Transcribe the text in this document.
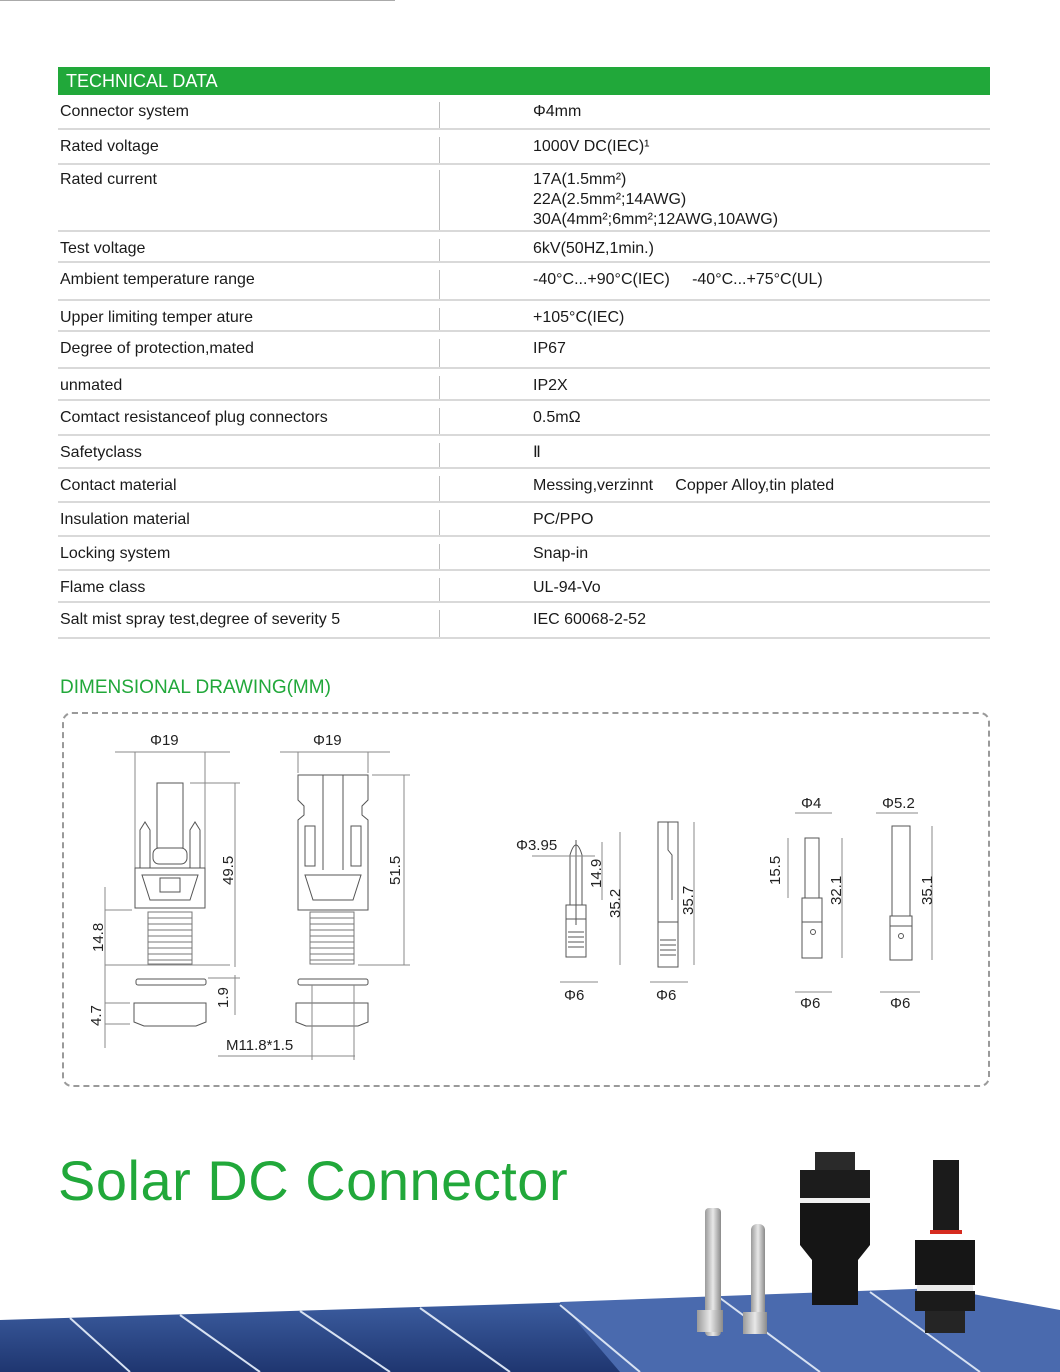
TECHNICAL DATA
Connector system	Φ4mm
Rated voltage	1000V DC(IEC)¹
Rated current	17A(1.5mm²)
22A(2.5mm²;14AWG)
30A(4mm²;6mm²;12AWG,10AWG)
Test voltage	6kV(50HZ,1min.)
Ambient temperature range	-40°C...+90°C(IEC)     -40°C...+75°C(UL)
Upper limiting temper ature	+105°C(IEC)
Degree of protection,mated	IP67
unmated	IP2X
Comtact resistanceof plug connectors	0.5mΩ
Safetyclass	Ⅱ
Contact material	Messing,verzinnt     Copper Alloy,tin plated
Insulation material	PC/PPO
Locking system	Snap-in
Flame class	UL-94-Vo
Salt mist spray test,degree of severity 5	IEC 60068-2-52
DIMENSIONAL DRAWING(MM)
Φ19
49.5
14.8
1.9
4.7
M11.8*1.5
Φ19
51.5
Φ3.95
14.9
35.2
Φ6
35.7
Φ6
Φ4
15.5
32.1
Φ6
Φ5.2
35.1
Φ6
Solar DC Connector
